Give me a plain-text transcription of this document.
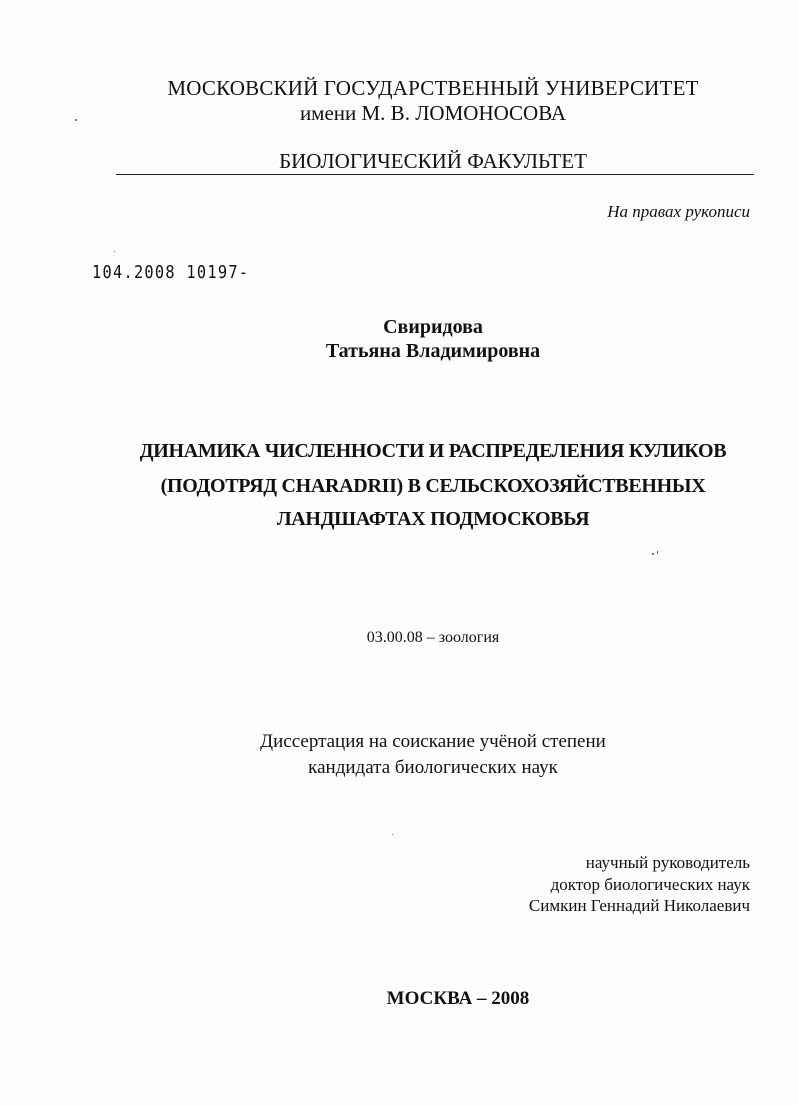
МОСКОВСКИЙ ГОСУДАРСТВЕННЫЙ УНИВЕРСИТЕТ
имени М. В. ЛОМОНОСОВА
БИОЛОГИЧЕСКИЙ ФАКУЛЬТЕТ
На правах рукописи
104.2008 10197-
Свиридова
Татьяна Владимировна
ДИНАМИКА ЧИСЛЕННОСТИ И РАСПРЕДЕЛЕНИЯ КУЛИКОВ
(ПОДОТРЯД CHARADRII) В СЕЛЬСКОХОЗЯЙСТВЕННЫХ
ЛАНДШАФТАХ ПОДМОСКОВЬЯ
03.00.08 – зоология
Диссертация на соискание учёной степени
кандидата биологических наук
научный руководитель
доктор биологических наук
Симкин Геннадий Николаевич
МОСКВА – 2008
